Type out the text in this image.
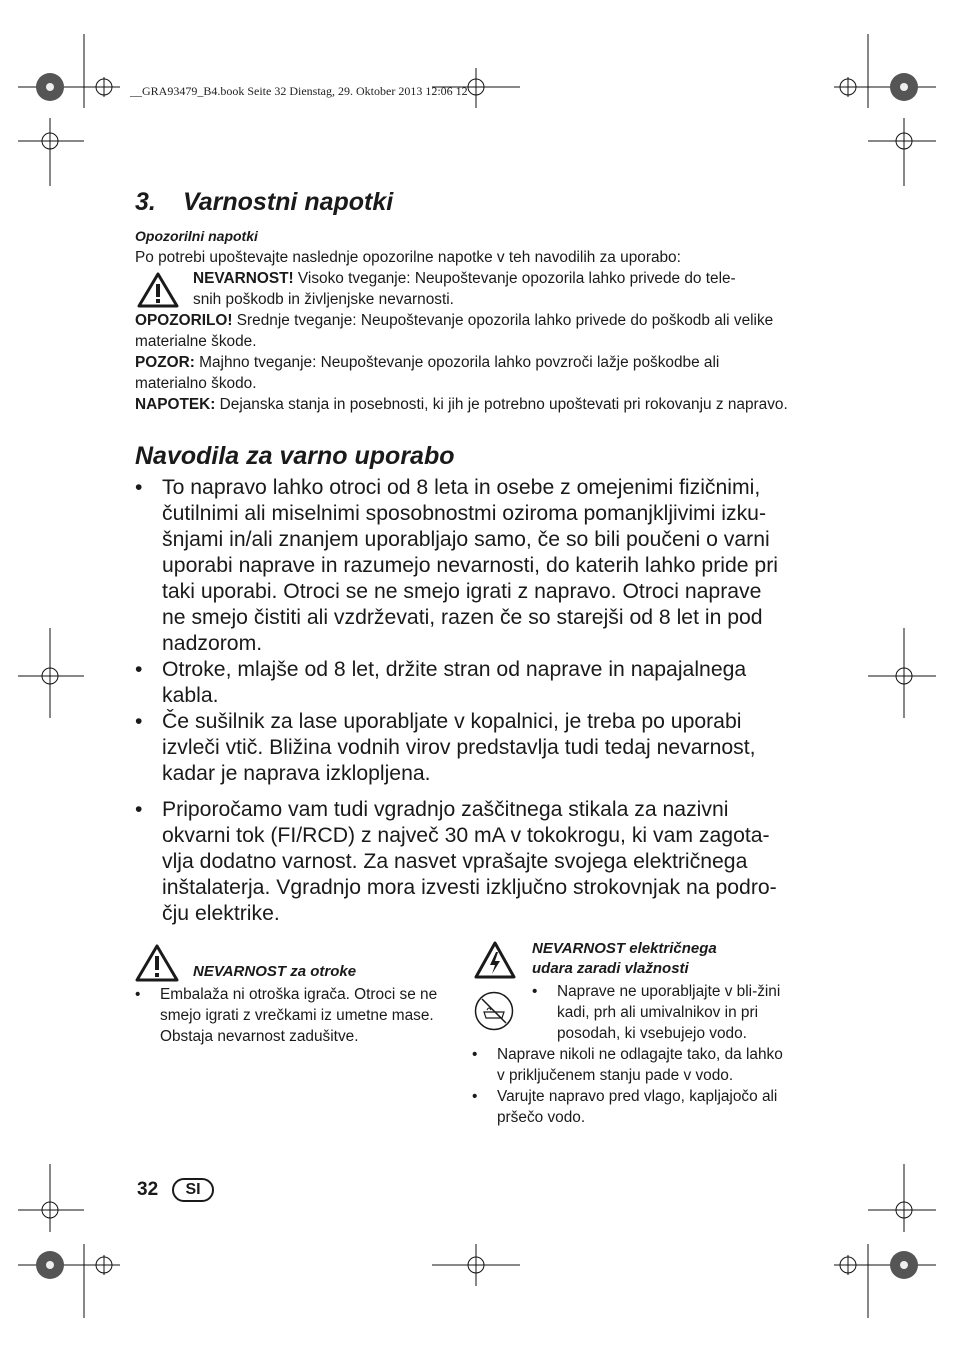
__GRA93479_B4.book Seite 32 Dienstag, 29. Oktober 2013 12:06 12
3. Varnostni napotki
Opozorilni napotki

Po potrebi upoštevajte naslednje opozorilne napotke v teh navodilih za uporabo:

NEVARNOST! Visoko tveganje: Neupoštevanje opozorila lahko privede do tele-
snih poškodb in življenjske nevarnosti.

OPOZORILO! Srednje tveganje: Neupoštevanje opozorila lahko privede do poškodb ali velike materialne škode.

POZOR: Majhno tveganje: Neupoštevanje opozorila lahko povzroči lažje poškodbe ali materialno škodo.

NAPOTEK: Dejanska stanja in posebnosti, ki jih je potrebno upoštevati pri rokovanju z napravo.

Navodila za varno uporabo
• To napravo lahko otroci od 8 leta in osebe z omejenimi fizičnimi, čutilnimi ali miselnimi sposobnostmi oziroma pomanjkljivimi izku-šnjami in/ali znanjem uporabljajo samo, če so bili poučeni o varni uporabi naprave in razumejo nevarnosti, do katerih lahko pride pri taki uporabi. Otroci se ne smejo igrati z napravo. Otroci naprave ne smejo čistiti ali vzdrževati, razen če so starejši od 8 let in pod nadzorom.
• Otroke, mlajše od 8 let, držite stran od naprave in napajalnega kabla.
• Če sušilnik za lase uporabljate v kopalnici, je treba po uporabi izvleči vtič. Bližina vodnih virov predstavlja tudi tedaj nevarnost, kadar je naprava izklopljena.
• Priporočamo vam tudi vgradnjo zaščitnega stikala za nazivni okvarni tok (FI/RCD) z največ 30 mA v tokokrogu, ki vam zagota-vlja dodatno varnost. Za nasvet vprašajte svojega električnega inštalaterja. Vgradnjo mora izvesti izključno strokovnjak na podro-čju elektrike.

NEVARNOST za otroke

• Embalaža ni otroška igrača. Otroci se ne smejo igrati z vrečkami iz umetne mase. Obstaja nevarnost zadušitve.

NEVARNOST električnega

udara zaradi vlažnosti

• Naprave ne uporabljajte v bli-žini kadi, prh ali umivalnikov in pri posodah, ki vsebujejo vodo.
• Naprave nikoli ne odlagajte tako, da lahko v priključenem stanju pade v vodo.
• Varujte napravo pred vlago, kapljajočo ali pršečo vodo.
32	SI
